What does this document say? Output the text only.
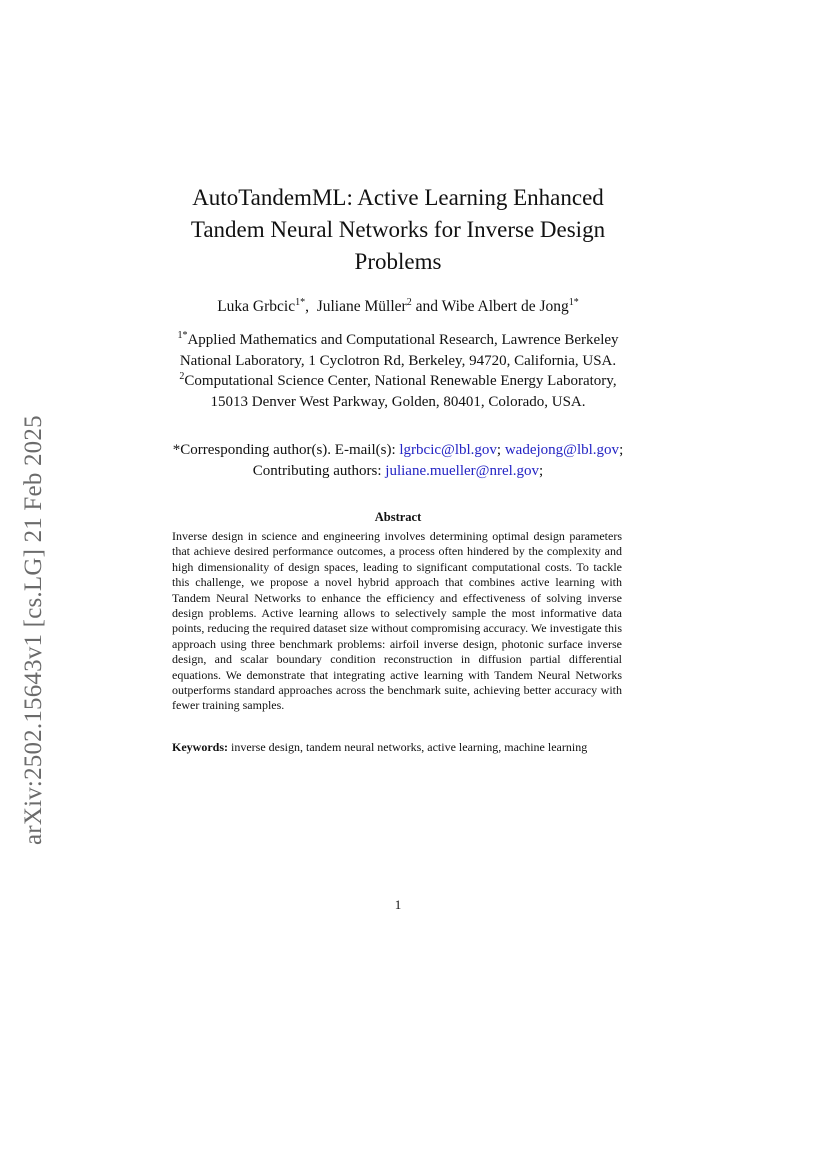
arXiv:2502.15643v1 [cs.LG] 21 Feb 2025
AutoTandemML: Active Learning Enhanced
Tandem Neural Networks for Inverse Design
Problems
Luka Grbcic$^{1*}$, Juliane Müller$^2$ and Wibe Albert de Jong$^{1*}$
$^{1*}$Applied Mathematics and Computational Research, Lawrence Berkeley
National Laboratory, 1 Cyclotron Rd, Berkeley, 94720, California, USA.
$^2$Computational Science Center, National Renewable Energy Laboratory,
15013 Denver West Parkway, Golden, 80401, Colorado, USA.
*Corresponding author(s). E-mail(s): lgrbcic@lbl.gov; wadejong@lbl.gov;
Contributing authors: juliane.mueller@nrel.gov;
Abstract
Inverse design in science and engineering involves determining optimal design parameters that achieve desired performance outcomes, a process often hindered by the complexity and high dimensionality of design spaces, leading to significant computational costs. To tackle this challenge, we propose a novel hybrid approach that combines active learning with Tandem Neural Networks to enhance the efficiency and effectiveness of solving inverse design problems. Active learning allows to selectively sample the most informative data points, reducing the required dataset size without compromising accuracy. We investigate this approach using three benchmark problems: airfoil inverse design, photonic surface inverse design, and scalar boundary condition reconstruction in diffusion partial differential equations. We demonstrate that integrating active learning with Tandem Neural Networks outperforms standard approaches across the benchmark suite, achieving better accuracy with fewer training samples.
Keywords: inverse design, tandem neural networks, active learning, machine learning
1
